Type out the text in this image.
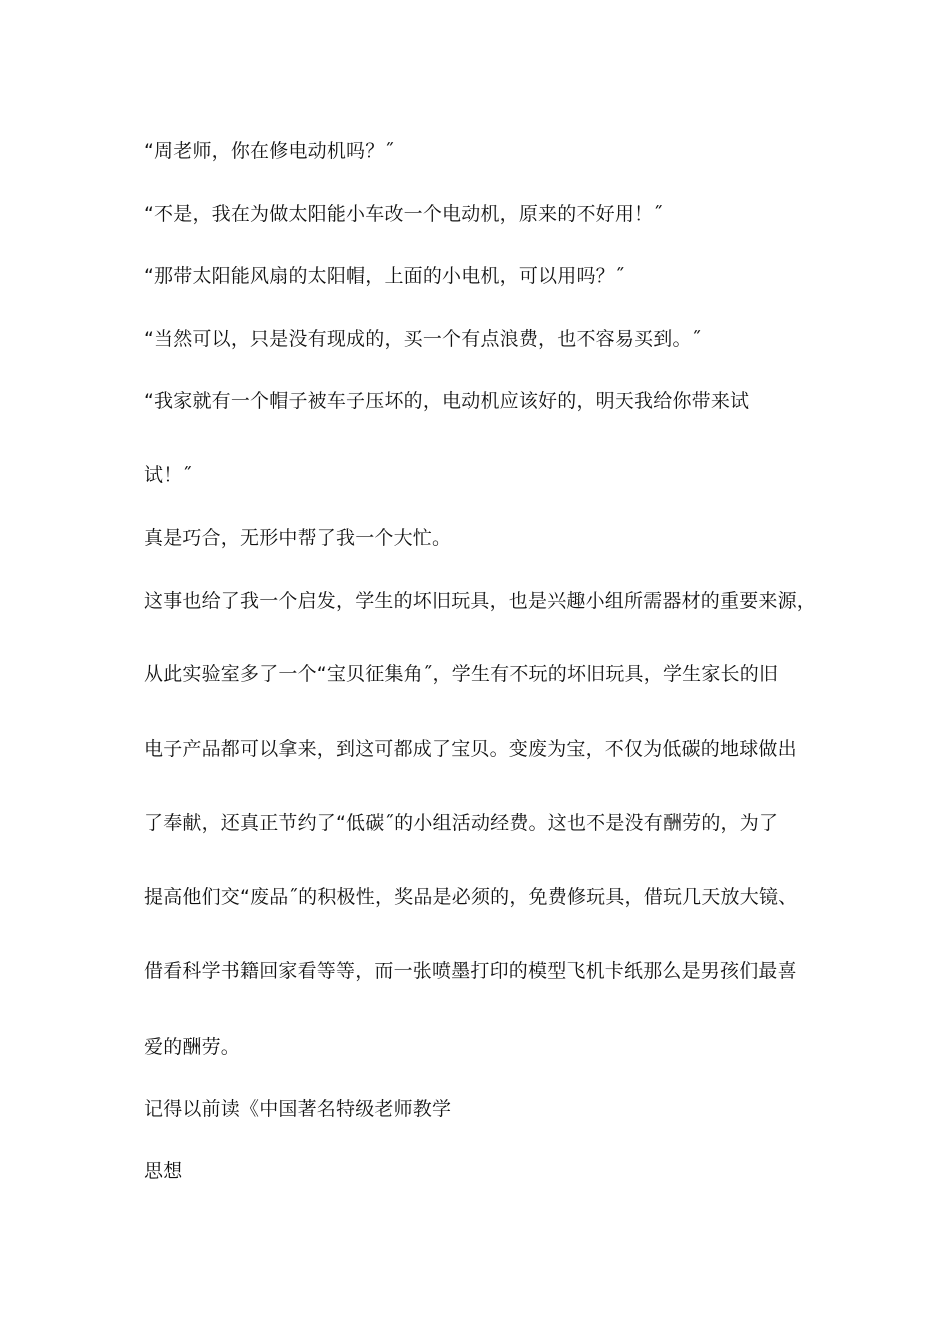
“周老师，你在修电动机吗？˝
“不是，我在为做太阳能小车改一个电动机，原来的不好用！˝
“那带太阳能风扇的太阳帽，上面的小电机，可以用吗？˝
“当然可以，只是没有现成的，买一个有点浪费，也不容易买到。˝
“我家就有一个帽子被车子压坏的，电动机应该好的，明天我给你带来试
试！˝
真是巧合，无形中帮了我一个大忙。
这事也给了我一个启发，学生的坏旧玩具，也是兴趣小组所需器材的重要来源，
从此实验室多了一个“宝贝征集角˝，学生有不玩的坏旧玩具，学生家长的旧
电子产品都可以拿来，到这可都成了宝贝。变废为宝，不仅为低碳的地球做出
了奉献，还真正节约了“低碳˝的小组活动经费。这也不是没有酬劳的，为了
提高他们交“废品˝的积极性，奖品是必须的，免费修玩具，借玩几天放大镜、
借看科学书籍回家看等等，而一张喷墨打印的模型飞机卡纸那么是男孩们最喜
爱的酬劳。
记得以前读《中国著名特级老师教学
思想
